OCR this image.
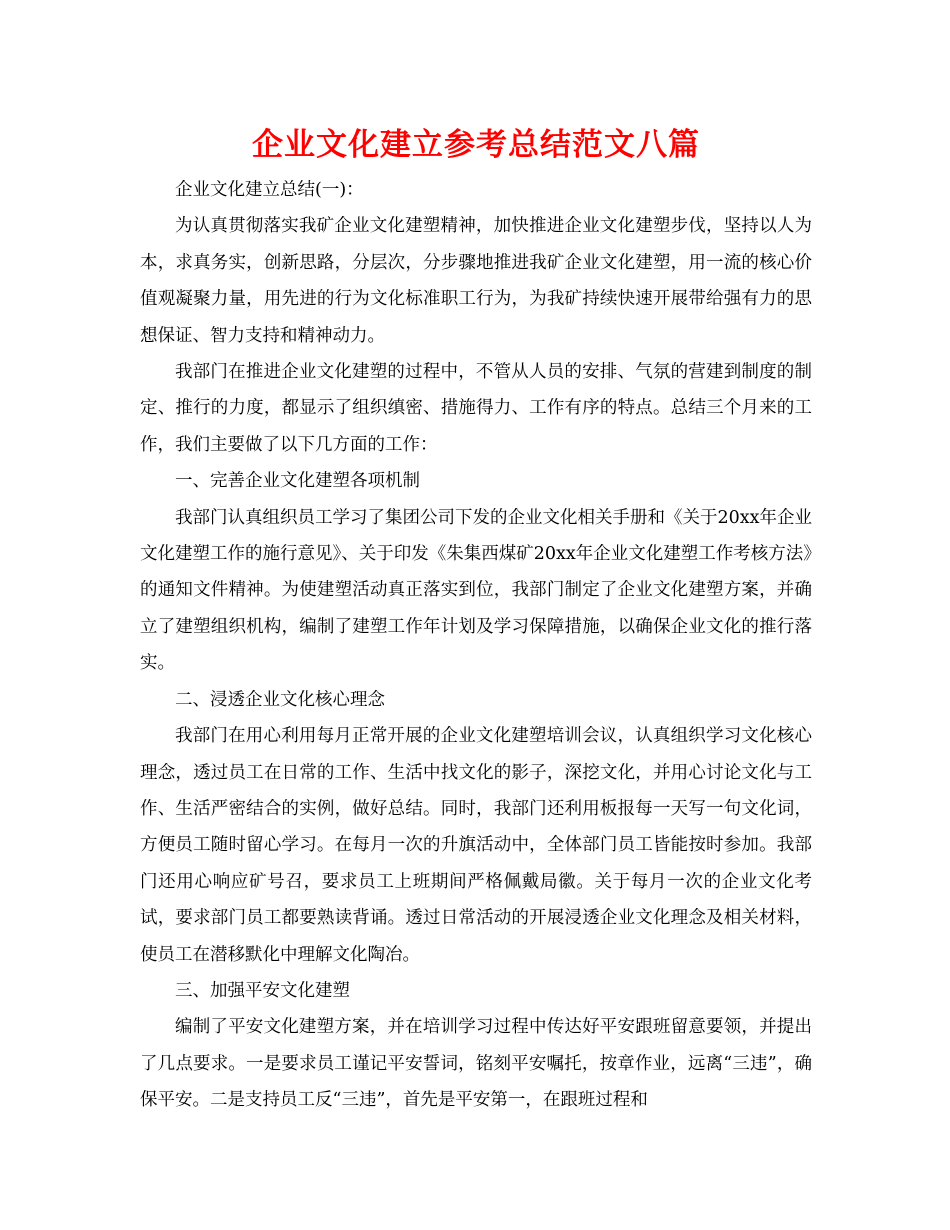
企业文化建立参考总结范文八篇

企业文化建立总结(一)：

为认真贯彻落实我矿企业文化建塑精神，加快推进企业文化建塑步伐，坚持以人为本，求真务实，创新思路，分层次，分步骤地推进我矿企业文化建塑，用一流的核心价值观凝聚力量，用先进的行为文化标准职工行为，为我矿持续快速开展带给强有力的思想保证、智力支持和精神动力。

我部门在推进企业文化建塑的过程中，不管从人员的安排、气氛的营建到制度的制定、推行的力度，都显示了组织缜密、措施得力、工作有序的特点。总结三个月来的工作，我们主要做了以下几方面的工作：

一、完善企业文化建塑各项机制

我部门认真组织员工学习了集团公司下发的企业文化相关手册和《关于20xx年企业文化建塑工作的施行意见》、关于印发《朱集西煤矿20xx年企业文化建塑工作考核方法》的通知文件精神。为使建塑活动真正落实到位，我部门制定了企业文化建塑方案，并确立了建塑组织机构，编制了建塑工作年计划及学习保障措施，以确保企业文化的推行落实。

二、浸透企业文化核心理念

我部门在用心利用每月正常开展的企业文化建塑培训会议，认真组织学习文化核心理念，透过员工在日常的工作、生活中找文化的影子，深挖文化，并用心讨论文化与工作、生活严密结合的实例，做好总结。同时，我部门还利用板报每一天写一句文化词，方便员工随时留心学习。在每月一次的升旗活动中，全体部门员工皆能按时参加。我部门还用心响应矿号召，要求员工上班期间严格佩戴局徽。关于每月一次的企业文化考试，要求部门员工都要熟读背诵。透过日常活动的开展浸透企业文化理念及相关材料，使员工在潜移默化中理解文化陶冶。

三、加强平安文化建塑

编制了平安文化建塑方案，并在培训学习过程中传达好平安跟班留意要领，并提出了几点要求。一是要求员工谨记平安誓词，铭刻平安嘱托，按章作业，远离“三违”，确保平安。二是支持员工反“三违”，首先是平安第一，在跟班过程和
